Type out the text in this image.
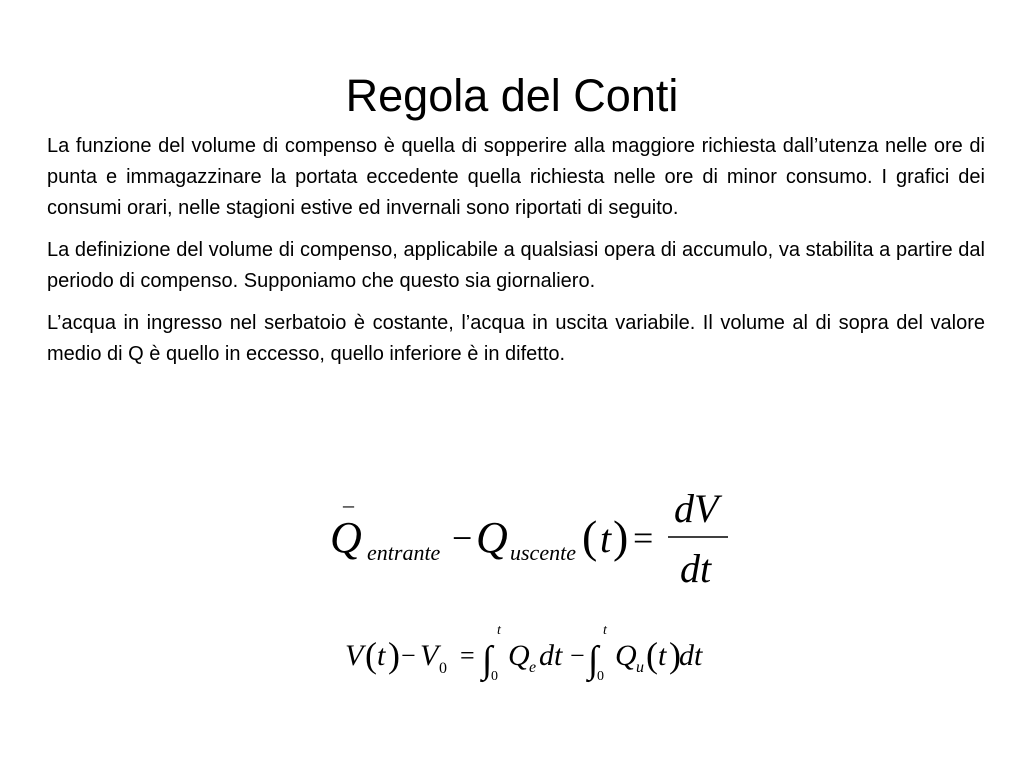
Regola del Conti

La funzione del volume di compenso è quella di sopperire alla maggiore richiesta dall’utenza nelle ore di punta e immagazzinare la portata eccedente quella richiesta nelle ore di minor consumo. I grafici dei consumi orari, nelle stagioni estive ed invernali sono riportati di seguito.

La definizione del volume di compenso, applicabile a qualsiasi opera di accumulo, va stabilita a partire dal periodo di compenso. Supponiamo che questo sia giornaliero.

L’acqua in ingresso nel serbatoio è costante, l’acqua in uscita variabile. Il volume al di sopra del valore medio di Q è quello in eccesso, quello inferiore è in difetto.

–
Q entrante − Q uscente ( t ) =
dV
dt
V ( t ) − V 0 = ∫
t
0
Q e dt − ∫
t
0
Q u ( t )
dt
